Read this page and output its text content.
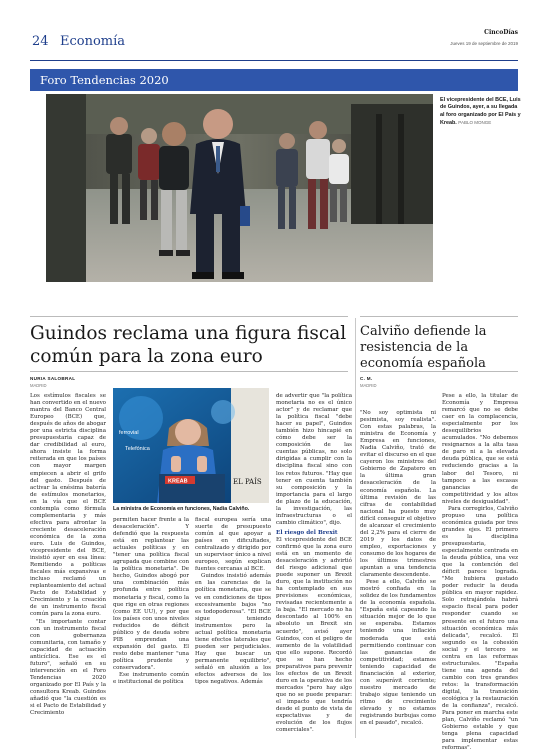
24 Economía
CincoDías
Jueves 19 de septiembre de 2019
Foro Tendencias 2020
El vicepresidente del BCE, Luis de Guindos, ayer, a su llegada al foro organizado por El País y Kreab. PABLO MONGE
Guindos reclama una figura fiscal común para la zona euro
Calviño defiende la resistencia de la economía española
NURIA SALOBRAL
MADRID

Los estímulos fiscales se han convertido en el nuevo mantra del Banco Central Europeo (BCE) que, después de años de abogar por una estricta disciplina presupuestaria capaz de dar credibilidad al euro, ahora insiste la forma reiterada en que los países con mayor margen empiecen a abrir el grifo del gasto. Después de activar la enésima batería de estímulos monetarios, en la vía que el BCE contempla como fórmula complementaria y más efectiva para afrontar la creciente desaceleración económica de la zona euro. Luis de Guindos, vicepresidente del BCE, insistió ayer en esa línea: Remitiendo a políticas fiscales más expansivas e incluso reclamó un replanteamiento del actual Pacto de Estabilidad y Crecimiento y la creación de un instrumento fiscal común para la zona euro.

"Es importante contar con un instrumento fiscal con gobernanza comunitaria, con tamaño y capacidad de actuación anticíclica. Ese es el futuro", señaló en su intervención en el Foro Tendencias 2020 organizado por El País y la consultora Kreab. Guindos añadió que "la cuestión es si el Pacto de Estabilidad y Crecimiento

ferrovial
Telefónica
KREAB	EL PAÍS
La ministra de Economía en funciones, Nadia Calviño.

permiten hacer frente a la desaceleración". Y defendió que la respuesta está en replantear las actuales políticas y en "tener una política fiscal agrupada que combine con la política monetaria". De hecho, Guindos abogó por una combinación más profunda entre política monetaria y fiscal, como la que rige en otras regiones (como EE UU), y por que los países con unos niveles reducidos de déficit público y de deuda sobre PIB emprendan una expansión del gasto. El resto debe mantener "una política prudente y conservadora".

Ese instrumento común e institucional de política

fiscal europea sería una suerte de presupuesto común al que apoyar a países en dificultades, centralizado y dirigido por un supervisor único a nivel europeo, según explican fuentes cercanas al BCE.

Guindos insistió además en las carencias de la política monetaria, que se ve en condiciones de tipos excesivamente bajos "no es todopoderosa". "El BCE sigue teniendo instrumentos pero la actual política monetaria tiene efectos laterales que pueden ser perjudiciales. Hay que buscar un permanente equilibrio", señaló en alusión a los efectos adversos de los tipos negativos. Además

de advertir que "la política monetaria no es el único actor" y de reclamar que la política fiscal "debe hacer su papel", Guindos también hizo hincapié en cómo debe ser la composición de las cuentas públicas, no solo dirigidas a cumplir con la disciplina fiscal sino con los retos futuros. "Hay que tener en cuenta también su composición y la importancia para el largo de plazo de la educación, la investigación, las infraestructuras o el cambio climático", dijo.

El riesgo del Brexit

El vicepresidente del BCE confirmó que la zona euro está en un momento de desaceleración y advirtió del riesgo adicional que puede suponer un Brexit duro, que la institución no ha contemplado en sus previsiones económicas, revisadas recientemente a la baja. "El mercado no ha descontado al 100% en absoluto un Brexit sin acuerdo", avisó ayer Guindos, con el peligro de aumento de la volatilidad que ello supone. Recordó que se han hecho preparativos para prevenir los efectos de un Brexit duro en la operativa de los mercados "pero hay algo que no se puede preparar: el impacto que tendría desde el punto de vista de expectativas y de evolución de los flujos comerciales".

C. M.
MADRID

"No soy optimista ni pesimista, soy realista". Con estas palabras, la ministra de Economía y Empresa en funciones, Nadia Calviño, trató de evitar el discurso en el que cayeron los ministros del Gobierno de Zapatero en la última gran desaceleración de la economía española. La última revisión de las cifras de contabilidad nacional ha puesto muy difícil conseguir el objetivo de alcanzar el crecimiento del 2,2% para el cierre de 2019 y los datos de empleo, exportaciones y consumo de los hogares de los últimos trimestres apuntan a una tendencia claramente descendente.

Pese a ello, Calviño se mostró confiada en la solidez de los fundamentos de la economía española. "España está capeando la situación mejor de lo que se esperaba. Estamos teniendo una inflación moderada que está permitiendo continuar con las ganancias de competitividad; estamos teniendo capacidad de financiación al exterior, con superávit corriente; nuestro mercado de trabajo sigue teniendo un ritmo de crecimiento elevado y no estamos registrando burbujas como en el pasado", recalcó.

Pese a ello, la titular de Economía y Empresa remarcó que no se debe caer en la complacencia, especialmente por los desequilibrios acumulados. "No debemos resignarnos a la alta tasa de paro ni a la elevada deuda pública, que se está reduciendo gracias a la labor del Tesoro, ni tampoco a las escasas ganancias de competitividad y los altos niveles de desigualdad".

Para corregirlos, Calviño propuso una política económica guiada por tres grandes ejes. El primero es la disciplina presupuestaria, especialmente centrada en la deuda pública, una vez que la contención del déficit parece lograda. "Me hubiera gustado poder reducir la deuda pública en mayor rapidez. Solo retrajándola habrá espacio fiscal para poder responder cuando se presente en el futuro una situación económica más delicada", recalcó. El segundo es la cohesión social y el tercero se centra en las reformas estructurales. "España tiene una agenda del cambio con tres grandes retos: la transformación digital, la transición ecológica y la restauración de la confianza", recalcó. Para poner en marcha este plan, Calviño reclamó "un Gobierno estable y que tenga plena capacidad para implementar estas reformas".
